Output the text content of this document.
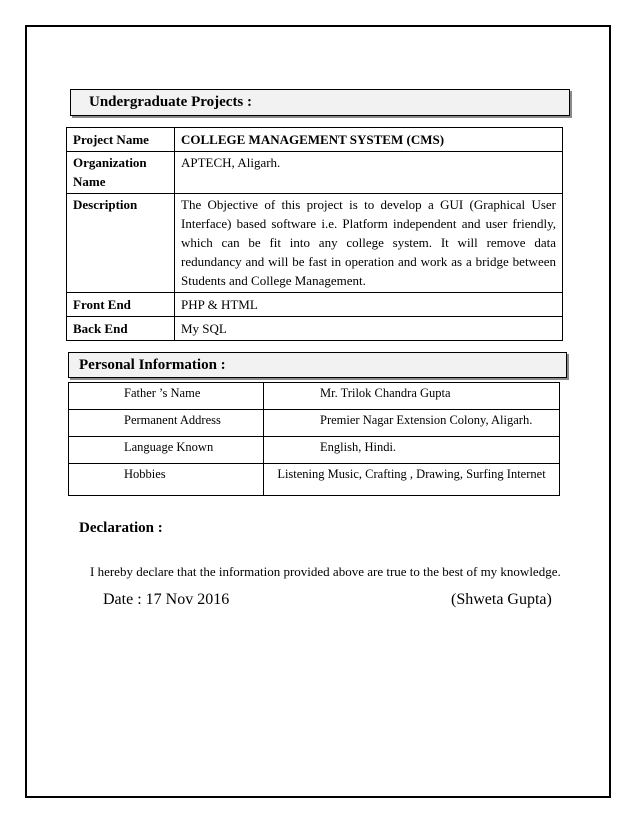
Undergraduate Projects :
Project Name	COLLEGE MANAGEMENT SYSTEM (CMS)
Organization Name	APTECH, Aligarh.
Description	The Objective of this project is to develop a GUI (Graphical User Interface) based software i.e. Platform independent and user friendly, which can be fit into any college system. It will remove data redundancy and will be fast in operation and work as a bridge between Students and College Management.
Front End	PHP & HTML
Back End	My SQL
Personal Information :
Father ’s Name	Mr. Trilok Chandra Gupta
Permanent Address	Premier Nagar Extension Colony, Aligarh.
Language Known	English, Hindi.
Hobbies	Listening Music, Crafting , Drawing, Surfing Internet
Declaration :
I hereby declare that the information provided above are true to the best of my knowledge.
Date : 17 Nov 2016	(Shweta Gupta)
